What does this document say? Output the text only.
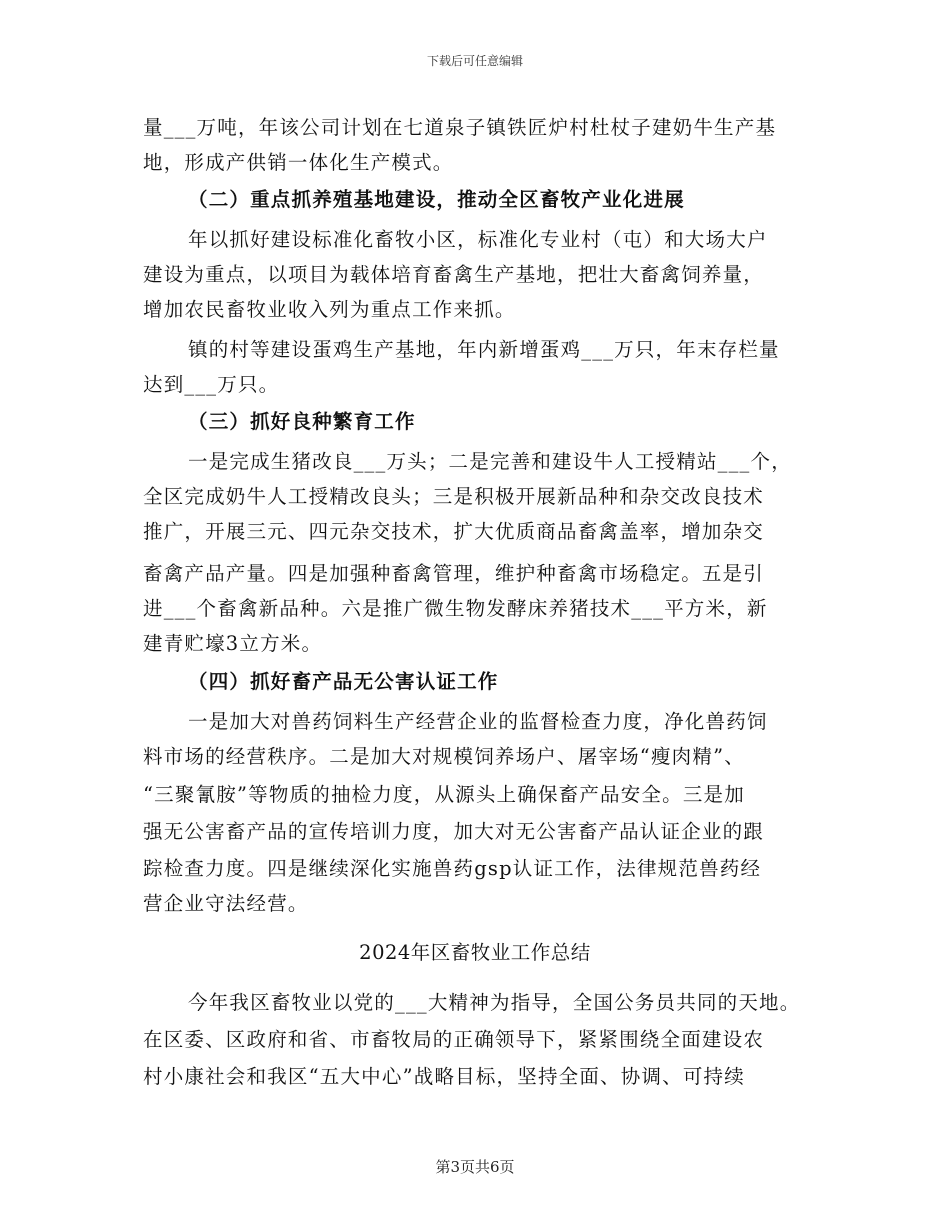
下载后可任意编辑
量___万吨，年该公司计划在七道泉子镇铁匠炉村杜杖子建奶牛生产基
地，形成产供销一体化生产模式。
（二）重点抓养殖基地建设，推动全区畜牧产业化进展
年以抓好建设标准化畜牧小区，标准化专业村（屯）和大场大户
建设为重点，以项目为载体培育畜禽生产基地，把壮大畜禽饲养量，
增加农民畜牧业收入列为重点工作来抓。
镇的村等建设蛋鸡生产基地，年内新增蛋鸡___万只，年末存栏量
达到___万只。
（三）抓好良种繁育工作
一是完成生猪改良___万头；二是完善和建设牛人工授精站___个，
全区完成奶牛人工授精改良头；三是积极开展新品种和杂交改良技术
推广，开展三元、四元杂交技术，扩大优质商品畜禽盖率，增加杂交
畜禽产品产量。四是加强种畜禽管理，维护种畜禽市场稳定。五是引
进___个畜禽新品种。六是推广微生物发酵床养猪技术___平方米，新
建青贮壕3立方米。
（四）抓好畜产品无公害认证工作
一是加大对兽药饲料生产经营企业的监督检查力度，净化兽药饲
料市场的经营秩序。二是加大对规模饲养场户、屠宰场“瘦肉精”、
“三聚氰胺”等物质的抽检力度，从源头上确保畜产品安全。三是加
强无公害畜产品的宣传培训力度，加大对无公害畜产品认证企业的跟
踪检查力度。四是继续深化实施兽药gsp认证工作，法律规范兽药经
营企业守法经营。
2024年区畜牧业工作总结
今年我区畜牧业以党的___大精神为指导，全国公务员共同的天地。
在区委、区政府和省、市畜牧局的正确领导下，紧紧围绕全面建设农
村小康社会和我区“五大中心”战略目标，坚持全面、协调、可持续
第3页共6页
